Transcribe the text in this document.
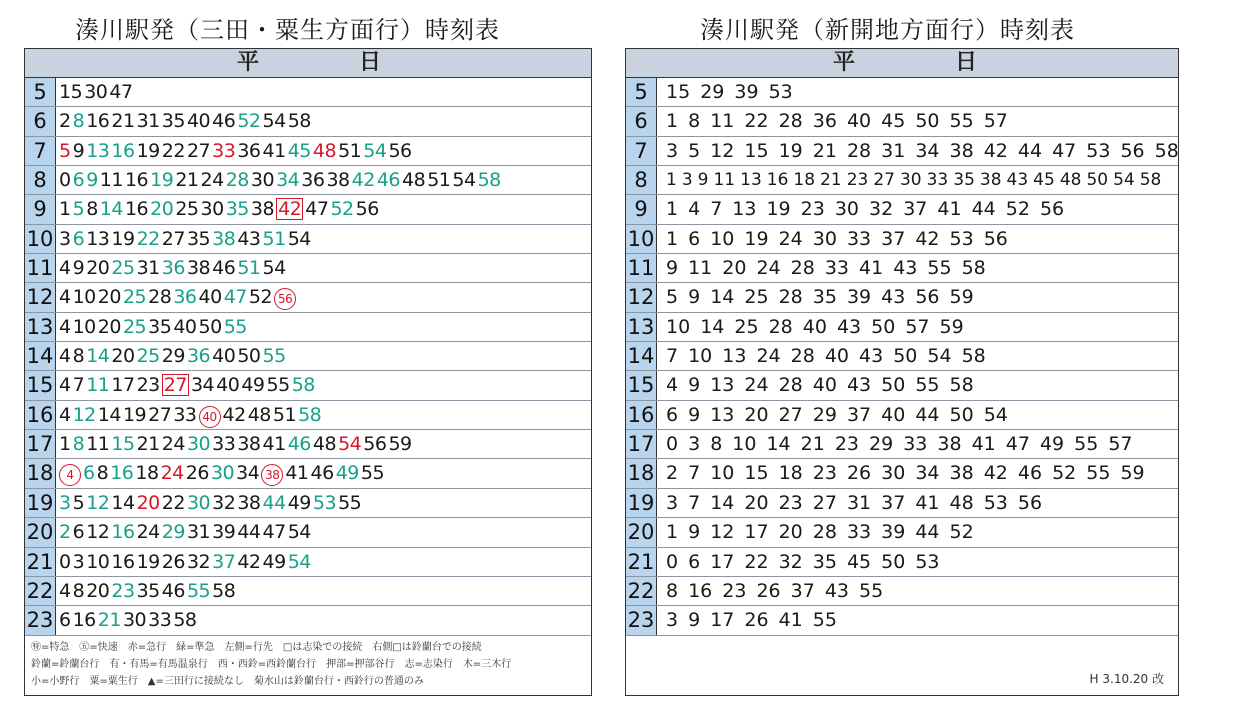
湊川駅発（三田・粟生方面行）時刻表	湊川駅発（新開地方面行）時刻表
平	日
5 15 30 47
6 2 8 16 21 31 35 40 46 52 54 58
7 5 9 13 16 19 22 27 33 36 41 45 48 51 54 56
8 0 6 9 11 16 19 21 24 28 30 34 36 38 42 46 48 51 54 58
9 1 5 8 14 16 20 25 30 35 38 42 47 52 56
10 3 6 13 19 22 27 35 38 43 51 54
11 4 9 20 25 31 36 38 46 51 54
12 4 10 20 25 28 36 40 47 52 56
13 4 10 20 25 35 40 50 55
14 4 8 14 20 25 29 36 40 50 55
15 4 7 11 17 23 27 34 40 49 55 58
16 4 12 14 19 27 33 40 42 48 51 58
17 1 8 11 15 21 24 30 33 38 41 46 48 54 56 59
18	4 6 8 16 18 24 26 30 34 38 41 46 49 55
19 3 5 12 14 20 22 30 32 38 44 49 53 55
20 2 6 12 16 24 29 31 39 44 47 54
21 0 3 10 16 19 26 32 37 42 49 54
22 4 8 20 23 35 46 55 58
23 6 16 21 30 33 58
㊕=特急　㊄=快速　赤=急行　緑=準急　左側=行先　□は志染での接続　右側□は鈴蘭台での接続
鈴蘭=鈴蘭台行　有・有馬=有馬温泉行　西・西鈴=西鈴蘭台行　押部=押部谷行　志=志染行　木=三木行
小=小野行　粟=粟生行　▲=三田行に接続なし　菊水山は鈴蘭台行・西鈴行の普通のみ
平	日
5 15 29 39 53
6 1 8 11 22 28 36 40 45 50 55 57
7 3 5 12 15 19 21 28 31 34 38 42 44 47 53 56 58
8	1 3 9 11 13 16 18 21 23 27 30 33 35 38 43 45 48 50 54 58
9 1 4 7 13 19 23 30 32 37 41 44 52 56
10 1 6 10 19 24 30 33 37 42 53 56
11 9 11 20 24 28 33 41 43 55 58
12 5 9 14 25 28 35 39 43 56 59
13 10 14 25 28 40 43 50 57 59
14 7 10 13 24 28 40 43 50 54 58
15 4 9 13 24 28 40 43 50 55 58
16 6 9 13 20 27 29 37 40 44 50 54
17 0 3 8 10 14 21 23 29 33 38 41 47 49 55 57
18 2 7 10 15 18 23 26 30 34 38 42 46 52 55 59
19 3 7 14 20 23 27 31 37 41 48 53 56
20 1 9 12 17 20 28 33 39 44 52
21 0 6 17 22 32 35 45 50 53
22 8 16 23 26 37 43 55
23 3 9 17 26 41 55
H 3.10.20 改
